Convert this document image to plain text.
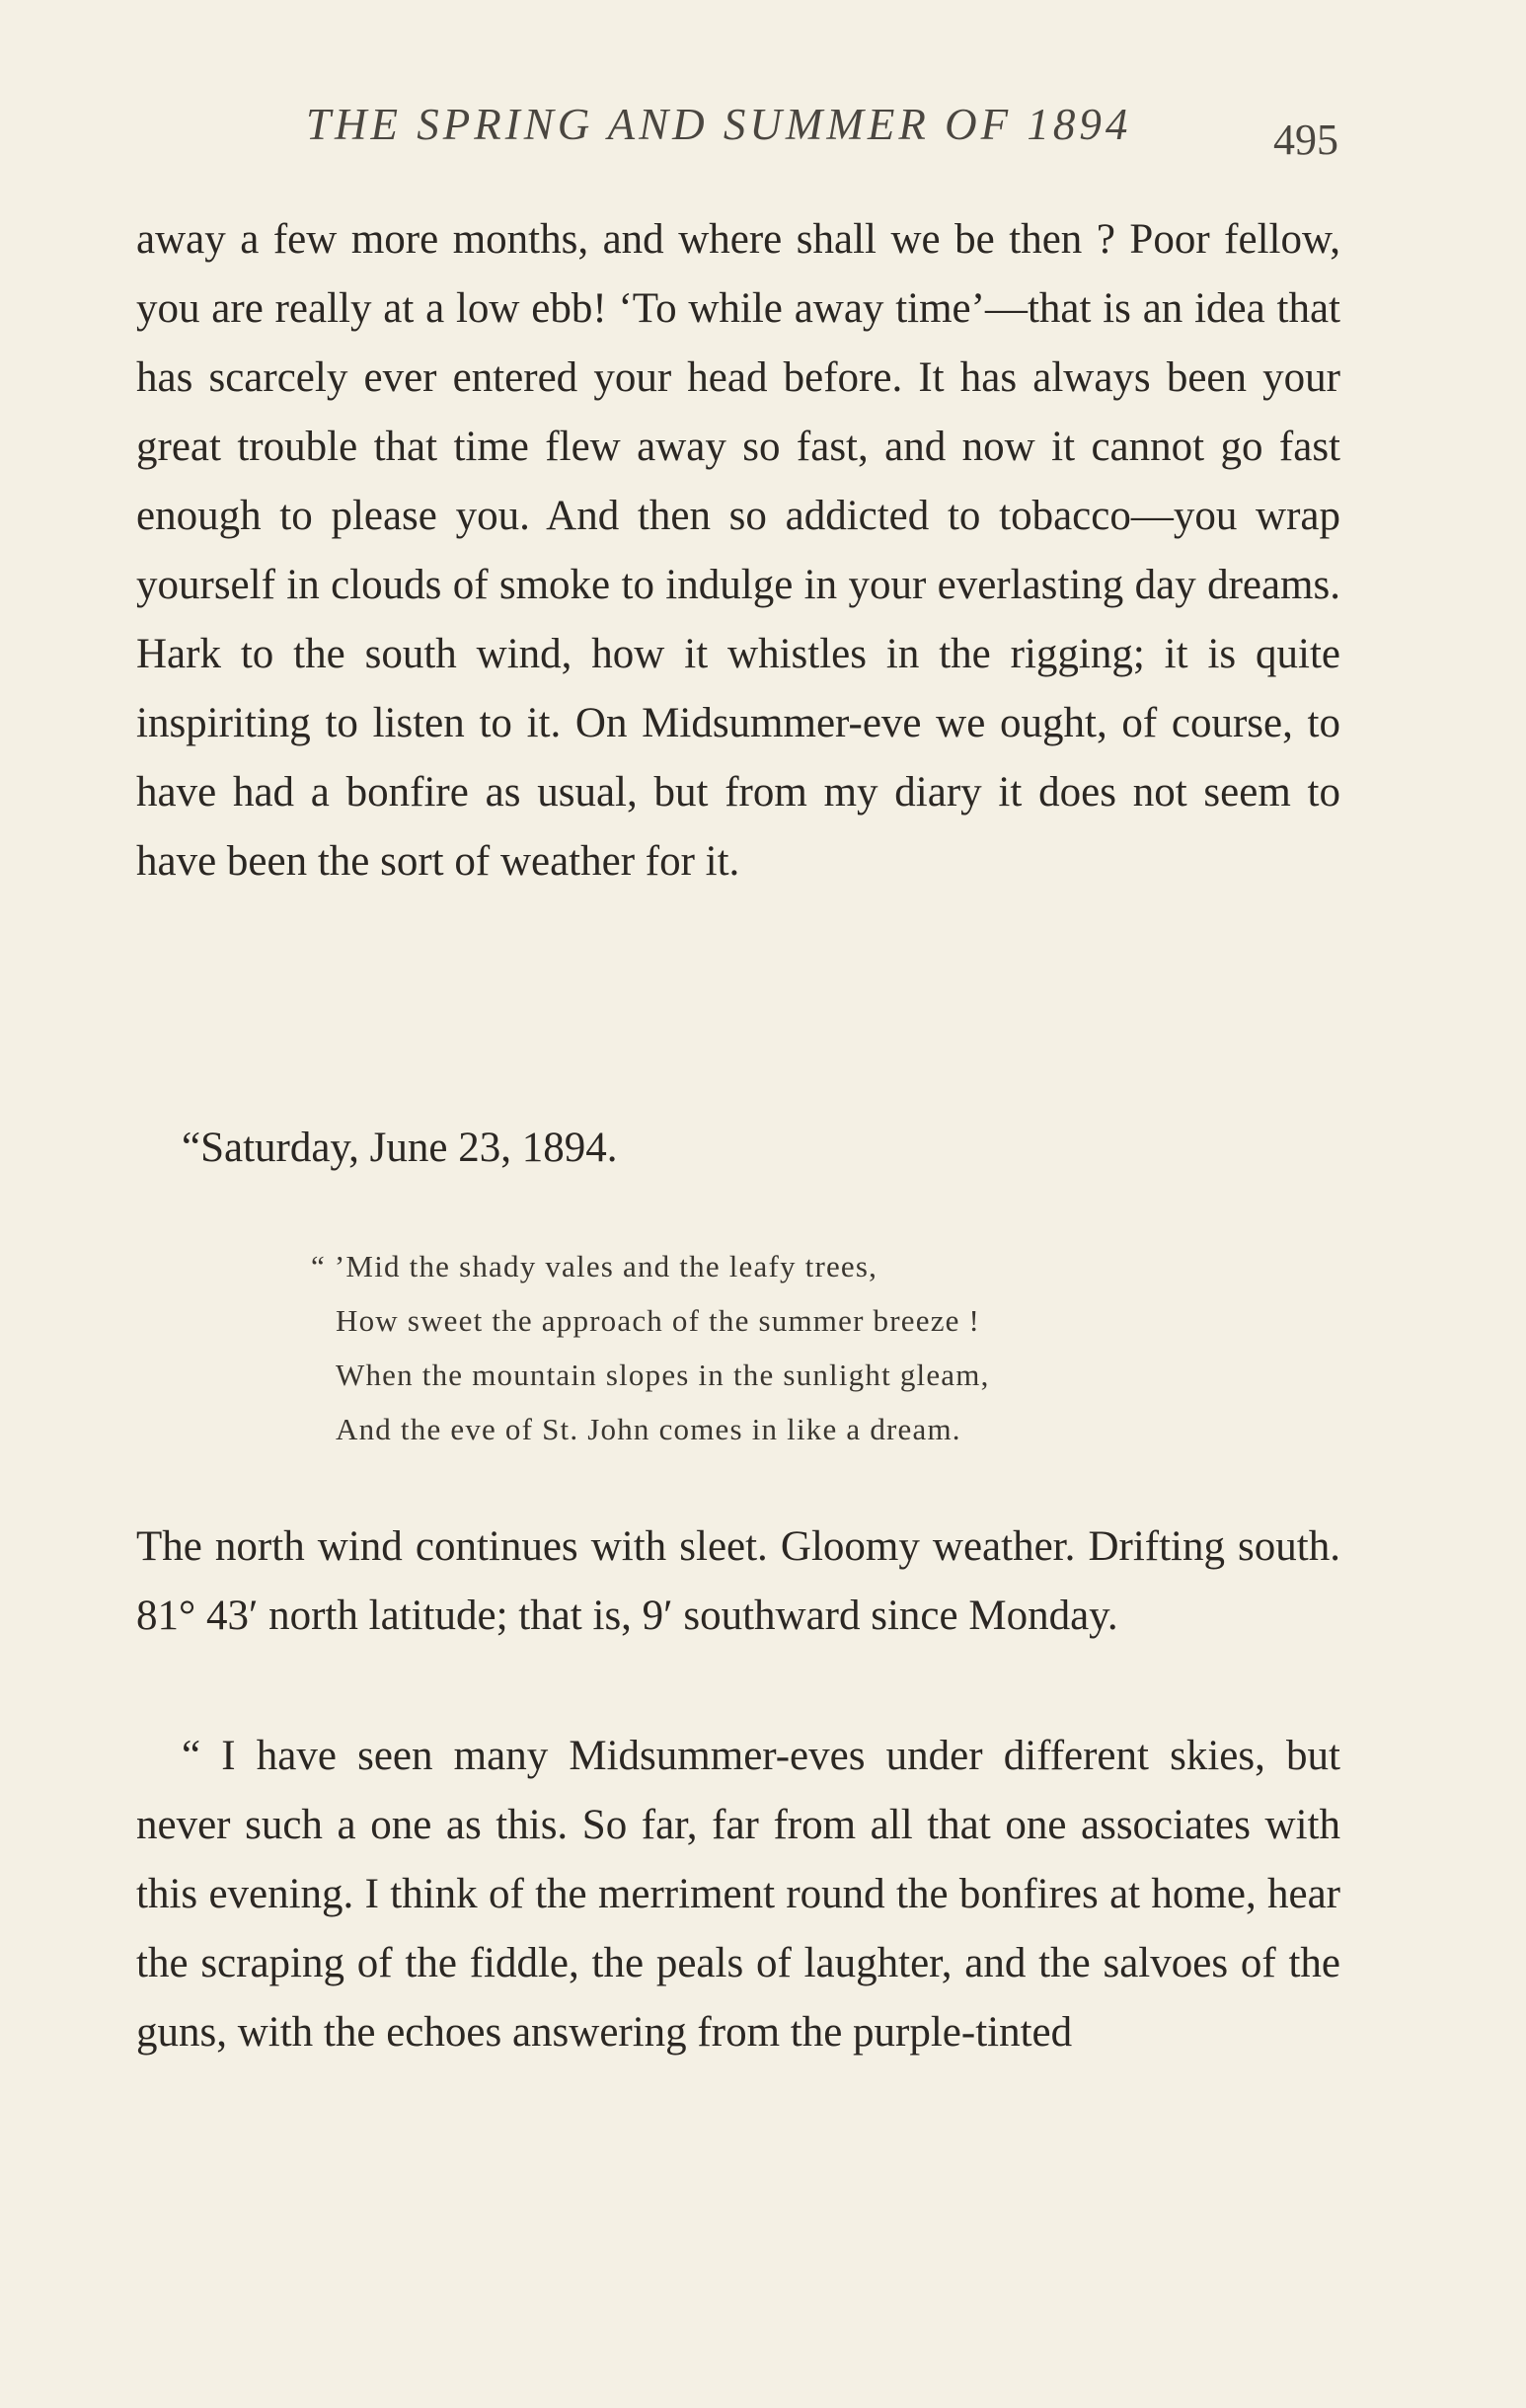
THE SPRING AND SUMMER OF 1894	495

away a few more months, and where shall we be then ? Poor fellow, you are really at a low ebb! ‘To while away time’—that is an idea that has scarcely ever entered your head before. It has always been your great trouble that time flew away so fast, and now it cannot go fast enough to please you. And then so addicted to tobacco—you wrap yourself in clouds of smoke to indulge in your everlasting day dreams. Hark to the south wind, how it whistles in the rigging; it is quite inspiriting to listen to it. On Midsummer-eve we ought, of course, to have had a bonfire as usual, but from my diary it does not seem to have been the sort of weather for it.

“Saturday, June 23, 1894.
“ ’Mid the shady vales and the leafy trees,
How sweet the approach of the summer breeze !
When the mountain slopes in the sunlight gleam,
And the eve of St. John comes in like a dream.

The north wind continues with sleet. Gloomy weather. Drifting south. 81° 43′ north latitude; that is, 9′ southward since Monday.

“ I have seen many Midsummer-eves under different skies, but never such a one as this. So far, far from all that one associates with this evening. I think of the merriment round the bonfires at home, hear the scraping of the fiddle, the peals of laughter, and the salvoes of the guns, with the echoes answering from the purple-tinted
